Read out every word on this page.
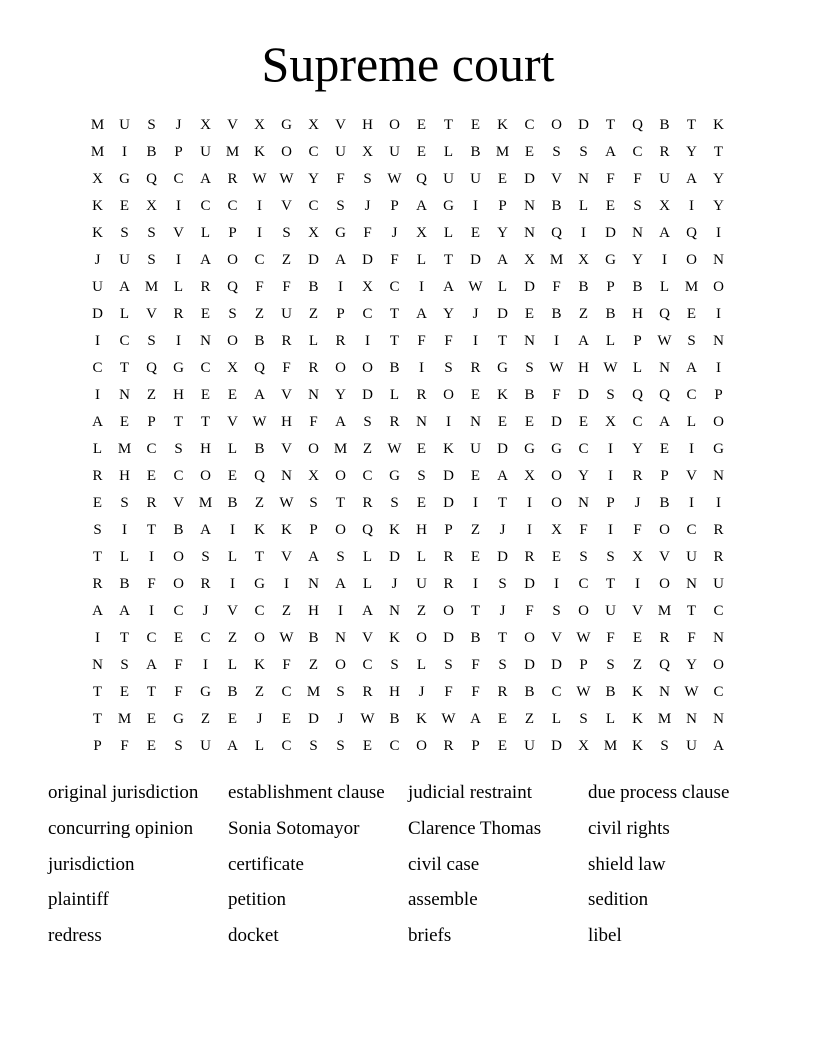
Supreme court
M U	S	J	X	V	X	G	X	V	H	O	E	T	E	K	C	O	D	T	Q	B	T	K
M	I	B	P	U M K	O	C	U	X	U	E	L	B	M	E	S	S	A	C	R	Y	T
X	G	Q	C	A	R W W Y	F	S	W Q	U	U	E	D	V	N	F	F	U	A	Y
K	E	X	I	C	C	I	V	C	S	J	P	A	G	I	P	N	B	L	E	S	X	I	Y
K	S	S	V	L	P	I	S	X	G	F	J	X	L	E	Y	N	Q	I	D	N	A	Q	I
J	U	S	I	A	O	C	Z	D	A	D	F	L	T	D	A	X M X	G	Y	I	O	N
U	A M	L	R	Q	F	F	B	I	X	C	I	A W	L	D	F	B	P	B	L	M O
D	L	V	R	E	S	Z	U	Z	P	C	T	A	Y	J	D	E	B	Z	B	H	Q	E	I
I	C	S	I	N	O	B	R	L	R	I	T	F	F	I	T	N	I	A	L	P	W	S	N
C	T	Q	G	C	X	Q	F	R	O	O	B	I	S	R	G	S	W H W	L	N	A	I
I	N	Z	H	E	E	A	V	N	Y	D	L	R	O	E	K	B	F	D	S	Q	Q	C	P
A	E	P	T	T	V W H	F	A	S	R	N	I	N	E	E	D	E	X	C	A	L	O
L	M	C	S	H	L	B	V	O M	Z	W	E	K	U	D	G	G	C	I	Y	E	I	G
R	H	E	C	O	E	Q	N	X	O	C	G	S	D	E	A	X	O	Y	I	R	P	V	N
E	S	R	V M	B	Z	W	S	T	R	S	E	D	I	T	I	O	N	P	J	B	I	I
S	I	T	B	A	I	K	K	P	O	Q	K	H	P	Z	J	I	X	F	I	F	O	C	R
T	L	I	O	S	L	T	V	A	S	L	D	L	R	E	D	R	E	S	S	X	V	U	R
R	B	F	O	R	I	G	I	N	A	L	J	U	R	I	S	D	I	C	T	I	O	N	U
A	A	I	C	J	V	C	Z	H	I	A	N	Z	O	T	J	F	S	O	U	V M	T	C
I	T	C	E	C	Z	O W B	N	V	K	O	D	B	T	O	V W	F	E	R	F	N
N	S	A	F	I	L	K	F	Z	O	C	S	L	S	F	S	D	D	P	S	Z	Q	Y	O
T	E	T	F	G	B	Z	C	M	S	R	H	J	F	F	R	B	C W B	K	N W C
T	M	E	G	Z	E	J	E	D	J	W B	K W A	E	Z	L	S	L	K M N	N
P	F	E	S	U	A	L	C	S	S	E	C	O	R	P	E	U	D	X M K	S	U	A
original jurisdiction	establishment clause	judicial restraint	due process clause
concurring opinion	Sonia Sotomayor	Clarence Thomas	civil rights
jurisdiction	certificate	civil case	shield law
plaintiff	petition	assemble	sedition
redress	docket	briefs	libel
